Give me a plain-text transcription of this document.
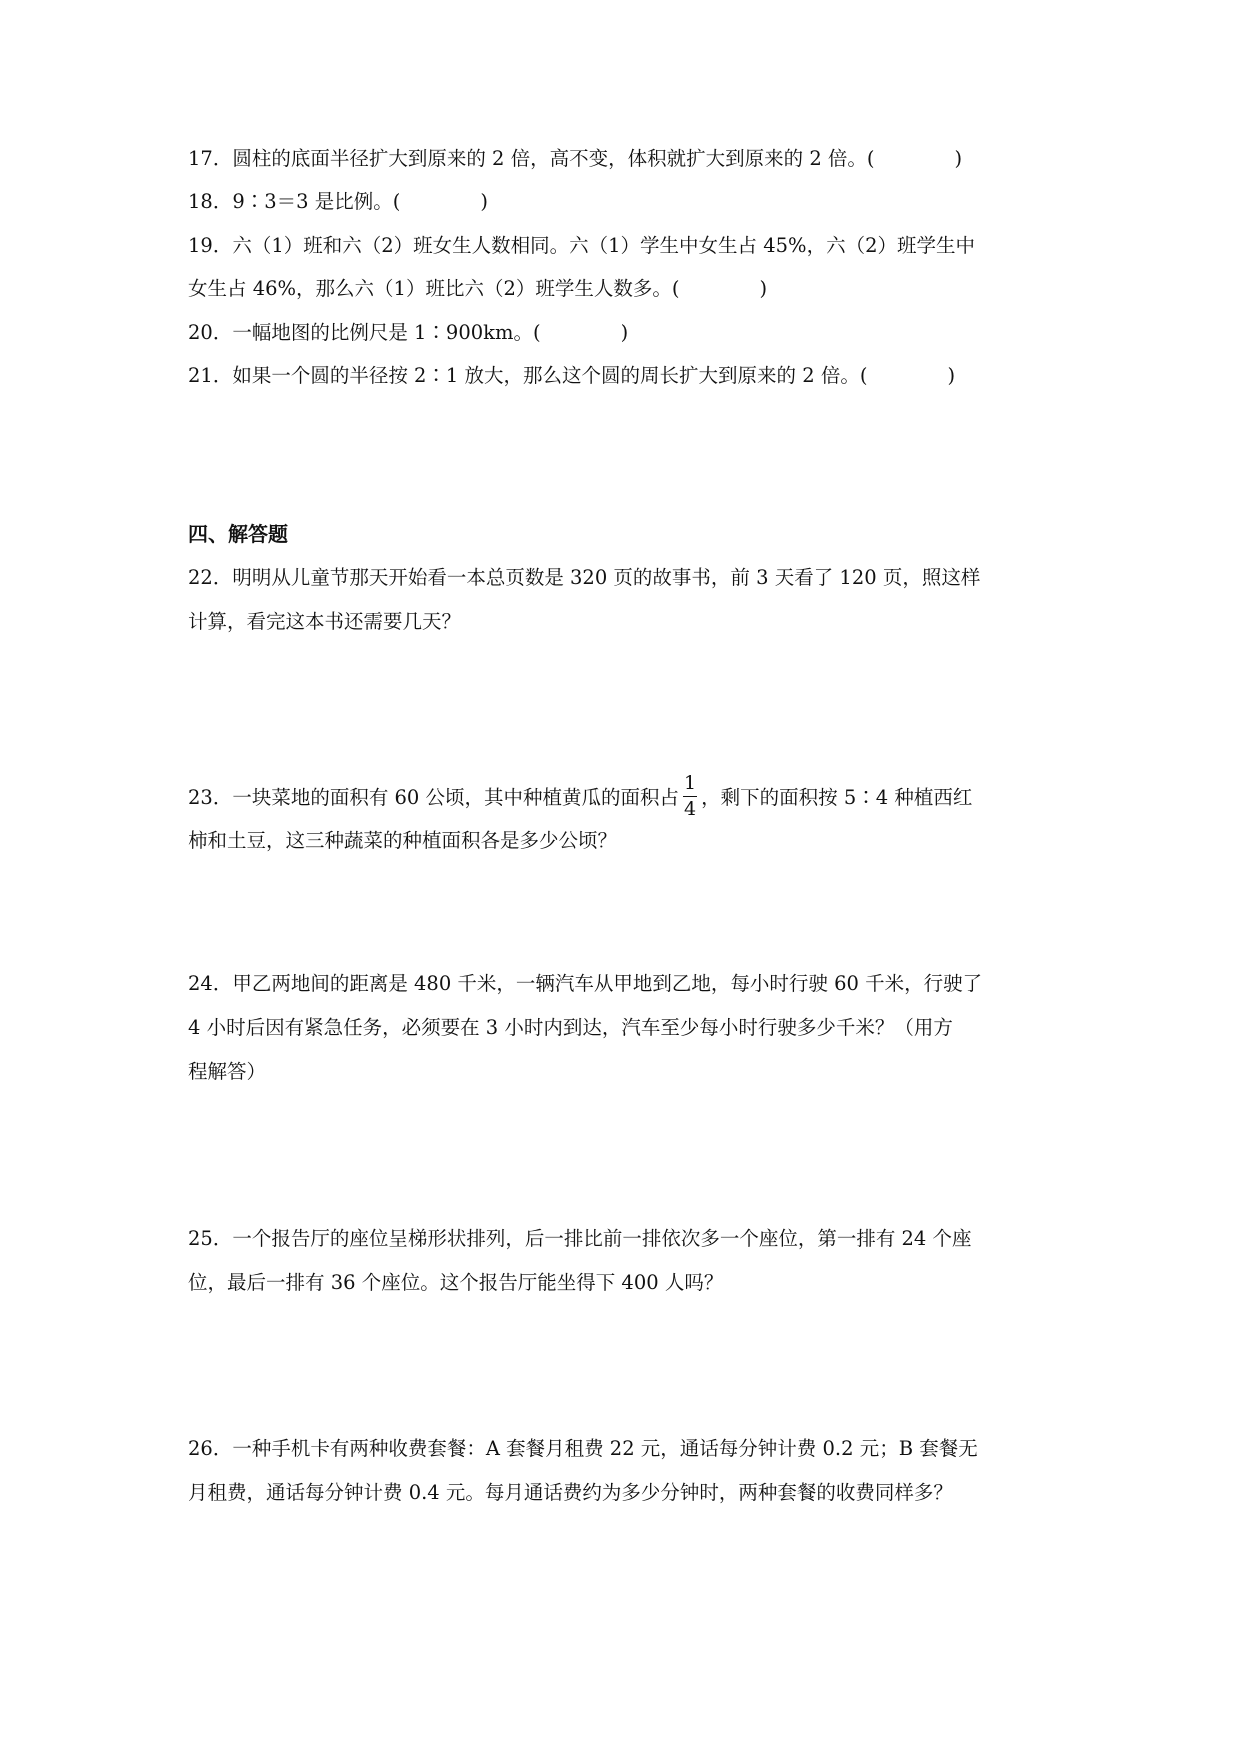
17．圆柱的底面半径扩大到原来的 2 倍，高不变，体积就扩大到原来的 2 倍。(	)
18．9∶3＝3 是比例。(	)
19．六（1）班和六（2）班女生人数相同。六（1）学生中女生占 45%，六（2）班学生中
女生占 46%，那么六（1）班比六（2）班学生人数多。(	)
20．一幅地图的比例尺是 1∶900km。(	)
21．如果一个圆的半径按 2∶1 放大，那么这个圆的周长扩大到原来的 2 倍。(	)
四、解答题
22．明明从儿童节那天开始看一本总页数是 320 页的故事书，前 3 天看了 120 页，照这样
计算，看完这本书还需要几天？
23．一块菜地的面积有 60 公顷，其中种植黄瓜的面积占 $\frac{1}{4}$ ，剩下的面积按 5∶4 种植西红
柿和土豆，这三种蔬菜的种植面积各是多少公顷？
24．甲乙两地间的距离是 480 千米，一辆汽车从甲地到乙地，每小时行驶 60 千米，行驶了
4 小时后因有紧急任务，必须要在 3 小时内到达，汽车至少每小时行驶多少千米？（用方
程解答）
25．一个报告厅的座位呈梯形状排列，后一排比前一排依次多一个座位，第一排有 24 个座
位，最后一排有 36 个座位。这个报告厅能坐得下 400 人吗？
26．一种手机卡有两种收费套餐：A 套餐月租费 22 元，通话每分钟计费 0.2 元；B 套餐无
月租费，通话每分钟计费 0.4 元。每月通话费约为多少分钟时，两种套餐的收费同样多？
